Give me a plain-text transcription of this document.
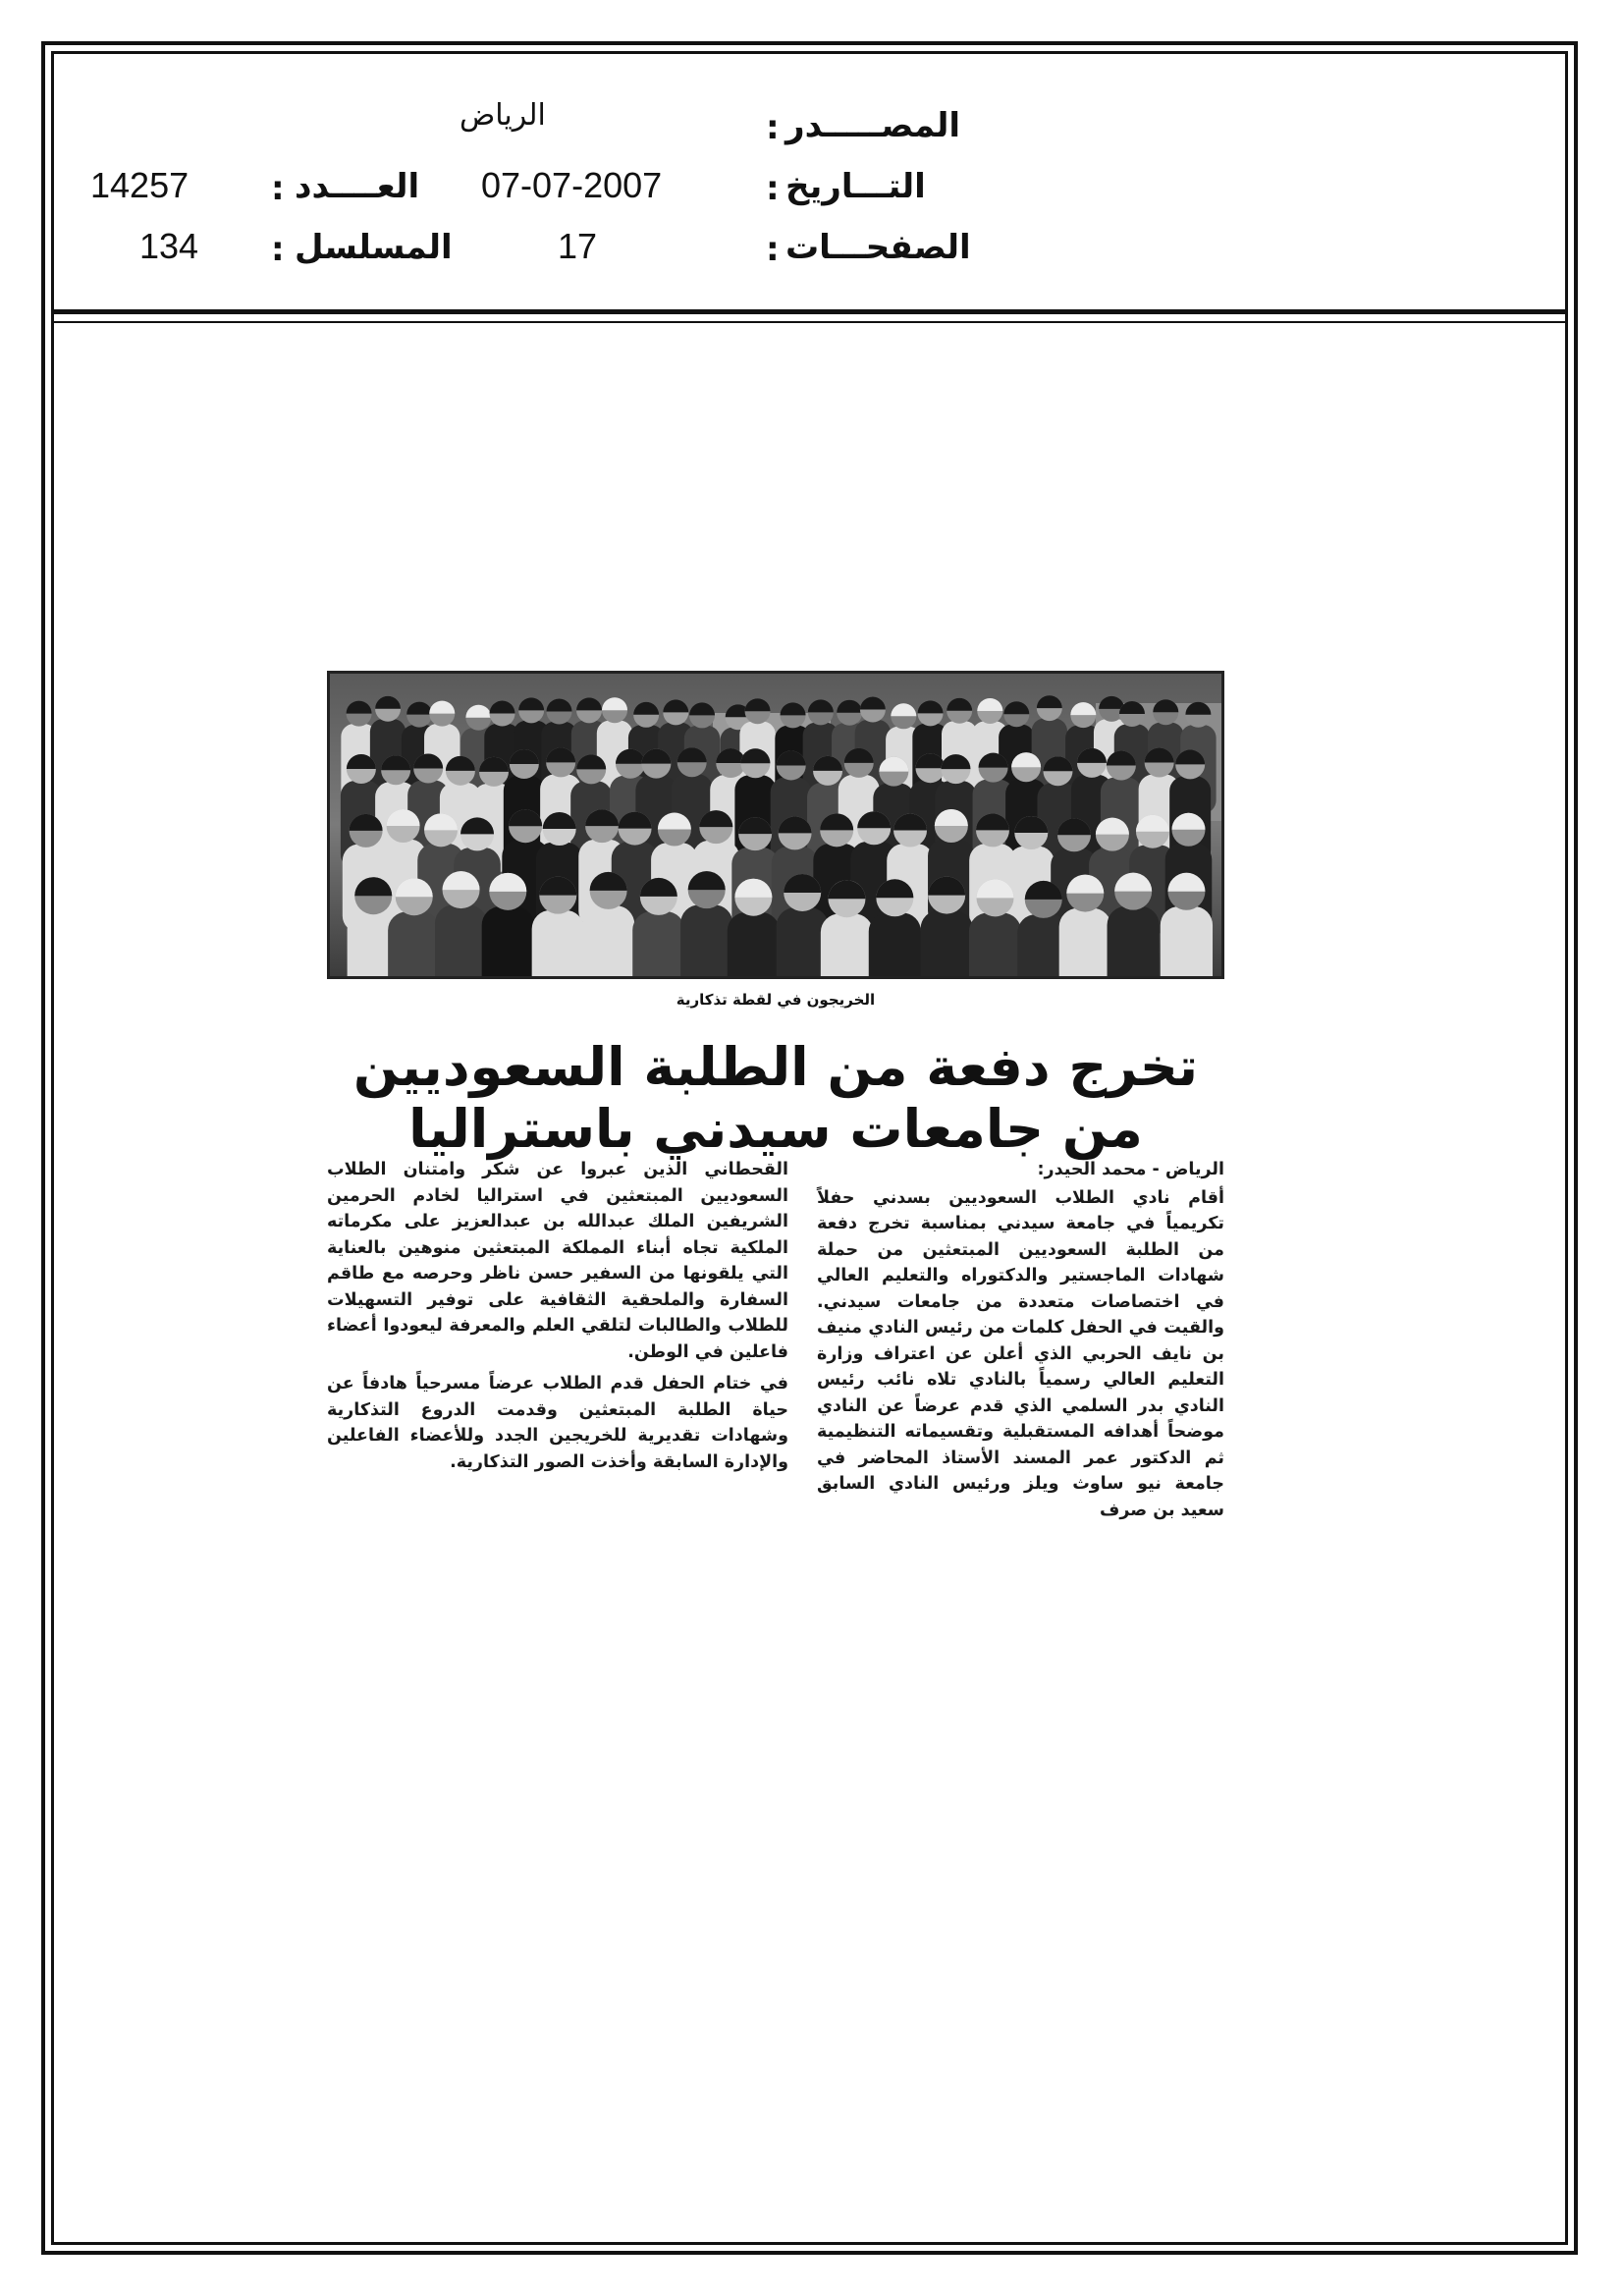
المصـــــدر
:
الرياض
التـــاريخ
:
07-07-2007
الصفحـــات
:
17
العــــدد
:
14257
المسلسل
:
134
الخريجون في لقطة تذكارية
تخرج دفعة من الطلبة السعوديين من جامعات سيدني باستراليا

الرياض - محمد الحيدر:

أقام نادي الطلاب السعوديين بسدني حفلاً تكريمياً في جامعة سيدني بمناسبة تخرج دفعة من الطلبة السعوديين المبتعثين من حملة شهادات الماجستير والدكتوراه والتعليم العالي في اختصاصات متعددة من جامعات سيدني. والقيت في الحفل كلمات من رئيس النادي منيف بن نايف الحربي الذي أعلن عن اعتراف وزارة التعليم العالي رسمياً بالنادي تلاه نائب رئيس النادي بدر السلمي الذي قدم عرضاً عن النادي موضحاً أهدافه المستقبلية وتقسيماته التنظيمية ثم الدكتور عمر المسند الأستاذ المحاضر في جامعة نيو ساوث ويلز ورئيس النادي السابق سعيد بن صرف

القحطاني الذين عبروا عن شكر وامتنان الطلاب السعوديين المبتعثين في استراليا لخادم الحرمين الشريفين الملك عبدالله بن عبدالعزيز على مكرماته الملكية تجاه أبناء المملكة المبتعثين منوهين بالعناية التي يلقونها من السفير حسن ناظر وحرصه مع طاقم السفارة والملحقية الثقافية على توفير التسهيلات للطلاب والطالبات لتلقي العلم والمعرفة ليعودوا أعضاء فاعلين في الوطن.

في ختام الحفل قدم الطلاب عرضاً مسرحياً هادفاً عن حياة الطلبة المبتعثين وقدمت الدروع التذكارية وشهادات تقديرية للخريجين الجدد وللأعضاء الفاعلين والإدارة السابقة وأخذت الصور التذكارية.
